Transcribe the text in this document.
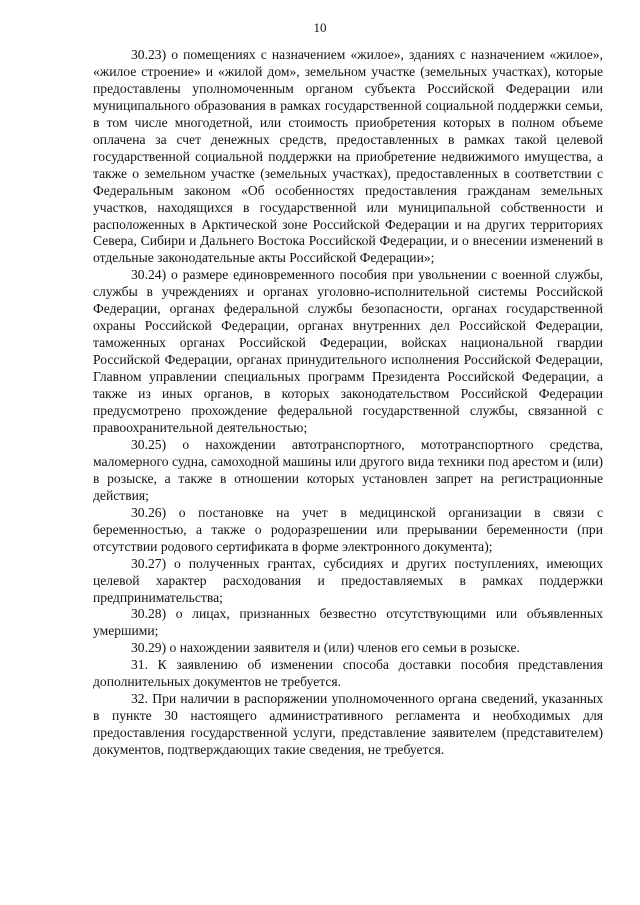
10

30.23) о помещениях с назначением «жилое», зданиях с назначением «жилое», «жилое строение» и «жилой дом», земельном участке (земельных участках), которые предоставлены уполномоченным органом субъекта Российской Федерации или муниципального образования в рамках государственной социальной поддержки семьи, в том числе многодетной, или стоимость приобретения которых в полном объеме оплачена за счет денежных средств, предоставленных в рамках такой целевой государственной социальной поддержки на приобретение недвижимого имущества, а также о земельном участке (земельных участках), предоставленных в соответствии с Федеральным законом «Об особенностях предоставления гражданам земельных участков, находящихся в государственной или муниципальной собственности и расположенных в Арктической зоне Российской Федерации и на других территориях Севера, Сибири и Дальнего Востока Российской Федерации, и о внесении изменений в отдельные законодательные акты Российской Федерации»;

30.24) о размере единовременного пособия при увольнении с военной службы, службы в учреждениях и органах уголовно-исполнительной системы Российской Федерации, органах федеральной службы безопасности, органах государственной охраны Российской Федерации, органах внутренних дел Российской Федерации, таможенных органах Российской Федерации, войсках национальной гвардии Российской Федерации, органах принудительного исполнения Российской Федерации, Главном управлении специальных программ Президента Российской Федерации, а также из иных органов, в которых законодательством Российской Федерации предусмотрено прохождение федеральной государственной службы, связанной с правоохранительной деятельностью;

30.25) о нахождении автотранспортного, мототранспортного средства, маломерного судна, самоходной машины или другого вида техники под арестом и (или) в розыске, а также в отношении которых установлен запрет на регистрационные действия;

30.26) о постановке на учет в медицинской организации в связи с беременностью, а также о родоразрешении или прерывании беременности (при отсутствии родового сертификата в форме электронного документа);

30.27) о полученных грантах, субсидиях и других поступлениях, имеющих целевой характер расходования и предоставляемых в рамках поддержки предпринимательства;

30.28) о лицах, признанных безвестно отсутствующими или объявленных умершими;

30.29) о нахождении заявителя и (или) членов его семьи в розыске.

31. К заявлению об изменении способа доставки пособия представления дополнительных документов не требуется.

32. При наличии в распоряжении уполномоченного органа сведений, указанных в пункте 30 настоящего административного регламента и необходимых для предоставления государственной услуги, представление заявителем (представителем) документов, подтверждающих такие сведения, не требуется.
